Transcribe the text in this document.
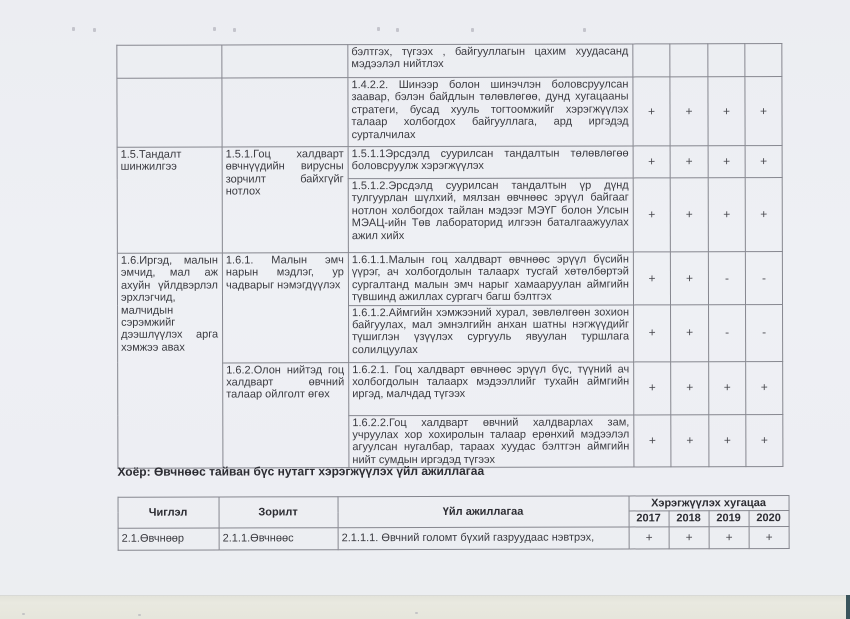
		бэлтгэх, түгээх , байгууллагын цахим хуудасанд мэдээлэл нийтлэх				
		1.4.2.2. Шинээр болон шинэчлэн боловсруулсан заавар, бэлэн байдлын төлөвлөгөө, дунд хугацааны стратеги, бусад хууль тогтоомжийг хэрэгжүүлэх талаар холбогдох байгууллага, ард иргэдэд сурталчилах	+	+	+	+
1.5.Тандалт шинжилгээ	1.5.1.Гоц халдварт өвчнүүдийн вирусны зорчилт байхгүйг нотлох	1.5.1.1Эрсдэлд суурилсан тандалтын төлөвлөгөө боловсруулж хэрэгжүүлэх	+	+	+	+
		1.5.1.2.Эрсдэлд суурилсан тандалтын үр дүнд тулгуурлан шүлхий, мялзан өвчнөөс эрүүл байгааг нотлон холбогдох тайлан мэдээг МЭҮГ болон Улсын МЭАЦ-ийн Төв лабораторид илгээн баталгаажуулах ажил хийх	+	+	+	+
1.6.Иргэд, малын эмчид, мал аж ахуйн үйлдвэрлэл эрхлэгчид, малчидын сэрэмжийг дээшлүүлэх арга хэмжээ авах	1.6.1. Малын эмч нарын мэдлэг, ур чадварыг нэмэгдүүлэх	1.6.1.1.Малын гоц халдварт өвчнөөс эрүүл бүсийн үүрэг, ач холбогдолын талаарх тусгай хөтөлбөртэй сургалтанд малын эмч нарыг хамааруулан аймгийн түвшинд ажиллах сургагч багш бэлтгэх	+	+	-	-
		1.6.1.2.Аймгийн хэмжээний хурал, зөвлөлгөөн зохион байгуулах, мал эмнэлгийн анхан шатны нэгжүүдийг түшиглэн үзүүлэх сургууль явуулан туршлага солилцуулах	+	+	-	-
	1.6.2.Олон нийтэд гоц халдварт өвчний талаар ойлголт өгөх	1.6.2.1. Гоц халдварт өвчнөөс эрүүл бүс, түүний ач холбогдолын талаарх мэдээллийг тухайн аймгийн иргэд, малчдад түгээх	+	+	+	+
		1.6.2.2.Гоц халдварт өвчний халдварлах зам, учруулах хор хохиролын талаар ерөнхий мэдээлэл агуулсан нугалбар, тараах хуудас бэлтгэн аймгийн нийт сумдын иргэдэд түгээх	+	+	+	+
Хоёр: Өвчнөөс тайван бүс нутагт хэрэгжүүлэх үйл ажиллагаа
Чиглэл	Зорилт	Үйл ажиллагаа	Хэрэгжүүлэх хугацаа			
			2017	2018	2019	2020
2.1.Өвчнөөр	2.1.1.Өвчнөөс	2.1.1.1. Өвчний голомт бүхий газруудаас нэвтрэх,	+	+	+	+
